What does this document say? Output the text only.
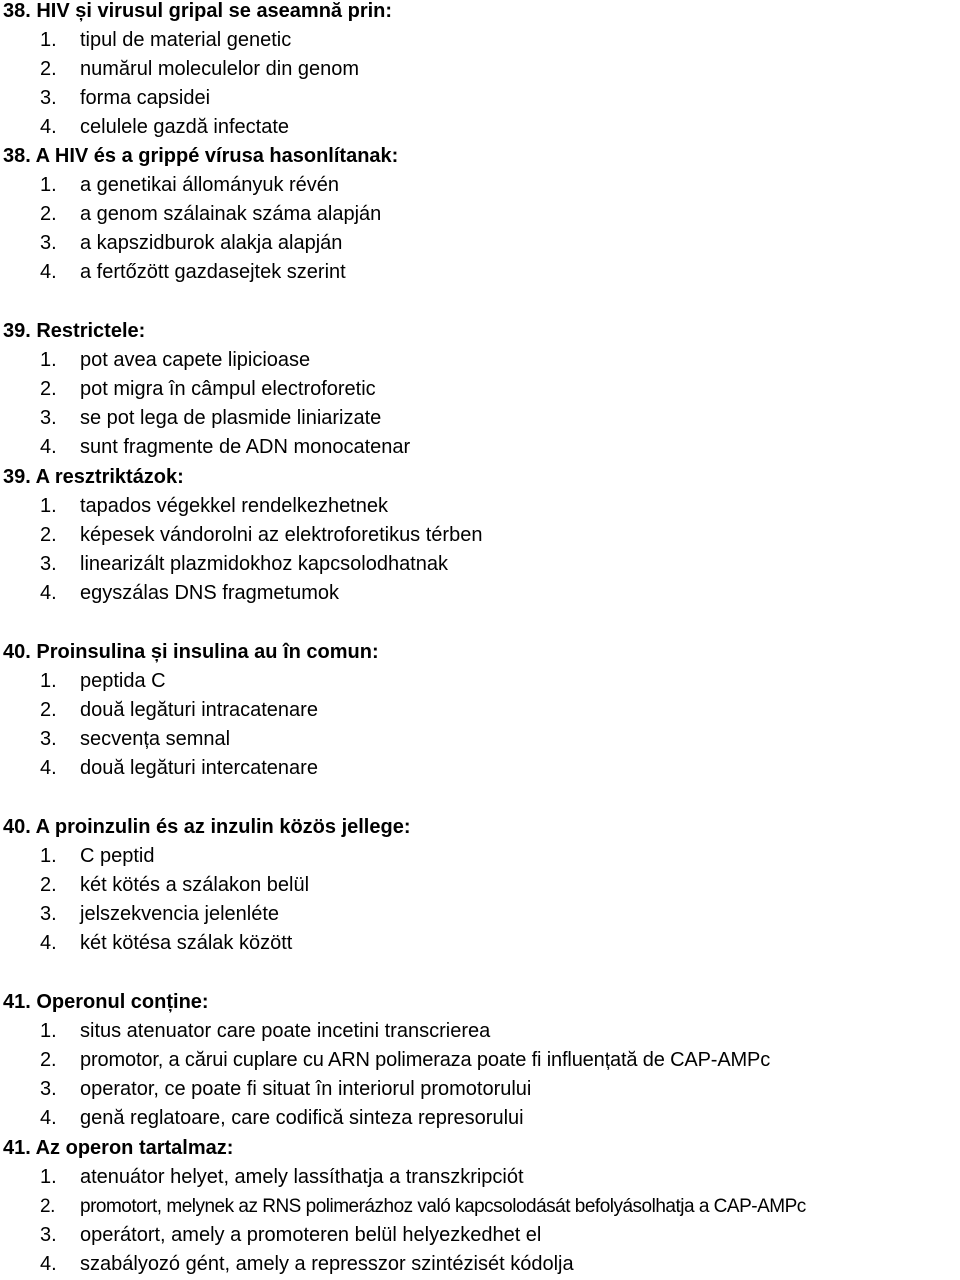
38. HIV și virusul gripal se aseamnă prin:
1. tipul de material genetic
2. numărul moleculelor din genom
3. forma capsidei
4. celulele gazdă infectate
38. A HIV és a grippé vírusa hasonlítanak:
1. a genetikai állományuk révén
2. a genom szálainak száma alapján
3. a kapszidburok alakja alapján
4. a fertőzött gazdasejtek szerint
39. Restrictele:
1. pot avea capete lipicioase
2. pot migra în câmpul electroforetic
3. se pot lega de plasmide liniarizate
4. sunt fragmente de ADN monocatenar
39. A resztriktázok:
1. tapados végekkel rendelkezhetnek
2. képesek vándorolni az elektroforetikus térben
3. linearizált plazmidokhoz kapcsolodhatnak
4. egyszálas DNS fragmetumok
40. Proinsulina și insulina au în comun:
1. peptida C
2. două legături intracatenare
3. secvența semnal
4. două legături intercatenare
40. A proinzulin és az inzulin közös jellege:
1. C peptid
2. két kötés a szálakon belül
3. jelszekvencia jelenléte
4. két kötésa szálak között
41. Operonul conține:
1. situs atenuator care poate incetini transcrierea
2. promotor, a cărui cuplare cu ARN polimeraza poate fi influențată de CAP-AMPc
3. operator, ce poate fi situat în interiorul promotorului
4. genă reglatoare, care codifică sinteza represorului
41. Az operon tartalmaz:
1. atenuátor helyet, amely lassíthatja a transzkripciót
2. promotort, melynek az RNS polimerázhoz való kapcsolodását befolyásolhatja a CAP-AMPc
3. operátort, amely a promoteren belül helyezkedhet el
4. szabályozó gént, amely a represszor szintézisét kódolja
